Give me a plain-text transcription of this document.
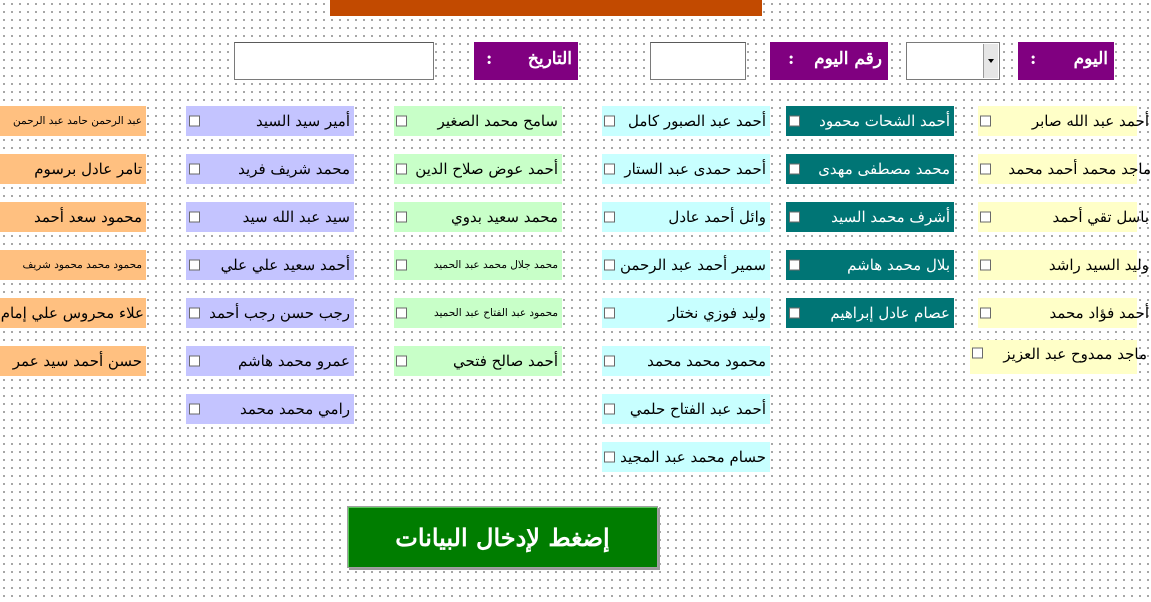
اليوم
:
رقم اليوم
:
التاريخ
:
أحمد عبد الله صابر
ماجد محمد أحمد محمد
باسل تقي أحمد
وليد السيد راشد
أحمد فؤاد محمد
ماجد ممدوح عبد العزيز
أحمد الشحات محمود
محمد مصطفى مهدى
أشرف محمد السيد
بلال محمد هاشم
عصام عادل إبراهيم
أحمد عبد الصبور كامل
أحمد حمدى عبد الستار
وائل أحمد عادل
سمير أحمد عبد الرحمن
وليد فوزي نختار
محمود محمد محمد
أحمد عبد الفتاح حلمي
حسام محمد عبد المجيد
سامح محمد الصغير
أحمد عوض صلاح الدين
محمد سعيد بدوي
محمد جلال محمد عبد الحميد
محمود عبد الفتاح عبد الحميد
أحمد صالح فتحي
أمير سيد السيد
محمد شريف فريد
سيد عبد الله سيد
أحمد سعيد علي علي
رجب حسن رجب أحمد
عمرو محمد هاشم
رامي محمد محمد
عبد الرحمن حامد عبد الرحمن
تامر عادل برسوم
محمود سعد أحمد
محمود محمد محمود شريف
علاء محروس علي إمام
حسن أحمد سيد عمر
إضغط لإدخال البيانات
